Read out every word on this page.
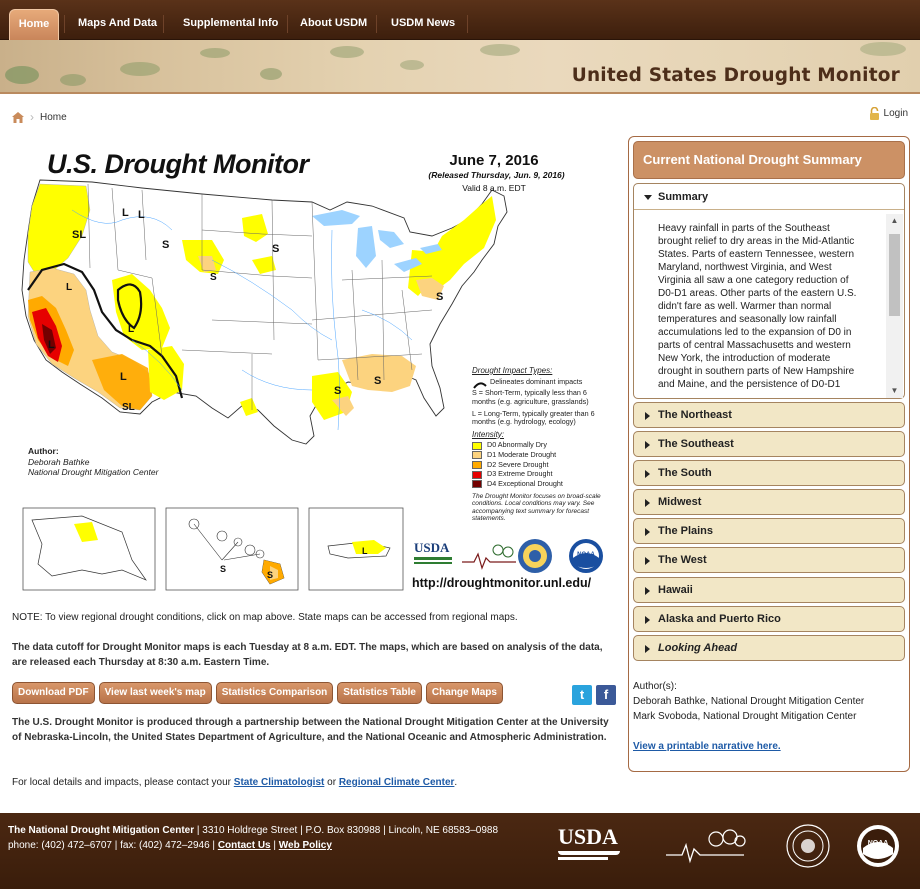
Home	Maps And Data	Supplemental Info	About USDM	USDM News
United States Drought Monitor
› Home	Login
L L
SL
S	S
S
L
L
L
L
SL
S
S
S
S
S
L
U.S. Drought Monitor	June 7, 2016
(Released Thursday, Jun. 9, 2016)
Valid 8 a.m. EDT
Author:
Deborah Bathke
National Drought Mitigation Center
Drought Impact Types:
Delineates dominant impacts
S = Short-Term, typically less than 6 months (e.g. agriculture, grasslands)
L = Long-Term, typically greater than 6 months (e.g. hydrology, ecology)
Intensity:
D0 Abnormally Dry
D1 Moderate Drought
D2 Severe Drought
D3 Extreme Drought
D4 Exceptional Drought
The Drought Monitor focuses on broad-scale conditions. Local conditions may vary. See accompanying text summary for forecast statements.
USDA	NOAA
http://droughtmonitor.unl.edu/
NOTE: To view regional drought conditions, click on map above. State maps can be accessed from regional maps.
The data cutoff for Drought Monitor maps is each Tuesday at 8 a.m. EDT. The maps, which are based on analysis of the data, are released each Thursday at 8:30 a.m. Eastern Time.
Download PDF	View last week's map	Statistics Comparison	Statistics Table	Change Maps	t	f
The U.S. Drought Monitor is produced through a partnership between the National Drought Mitigation Center at the University of Nebraska-Lincoln, the United States Department of Agriculture, and the National Oceanic and Atmospheric Administration.
For local details and impacts, please contact your State Climatologist or Regional Climate Center.
Current National Drought Summary
Summary
Heavy rainfall in parts of the Southeast brought relief to dry areas in the Mid-Atlantic States. Parts of eastern Tennessee, western Maryland, northwest Virginia, and West Virginia all saw a one category reduction of D0-D1 areas. Other parts of the eastern U.S. didn't fare as well. Warmer than normal temperatures and seasonally low rainfall accumulations led to the expansion of D0 in parts of central Massachusetts and western New York, the introduction of moderate drought in southern parts of New Hampshire and Maine, and the persistence of D0-D1
▲
▼
The Northeast
The Southeast
The South
Midwest
The Plains
The West
Hawaii
Alaska and Puerto Rico
Looking Ahead
Author(s):
Deborah Bathke, National Drought Mitigation Center
Mark Svoboda, National Drought Mitigation Center
View a printable narrative here.
The National Drought Mitigation Center | 3310 Holdrege Street | P.O. Box 830988 | Lincoln, NE 68583–0988
phone: (402) 472–6707 | fax: (402) 472–2946 | Contact Us | Web Policy	USDA	NOAA
